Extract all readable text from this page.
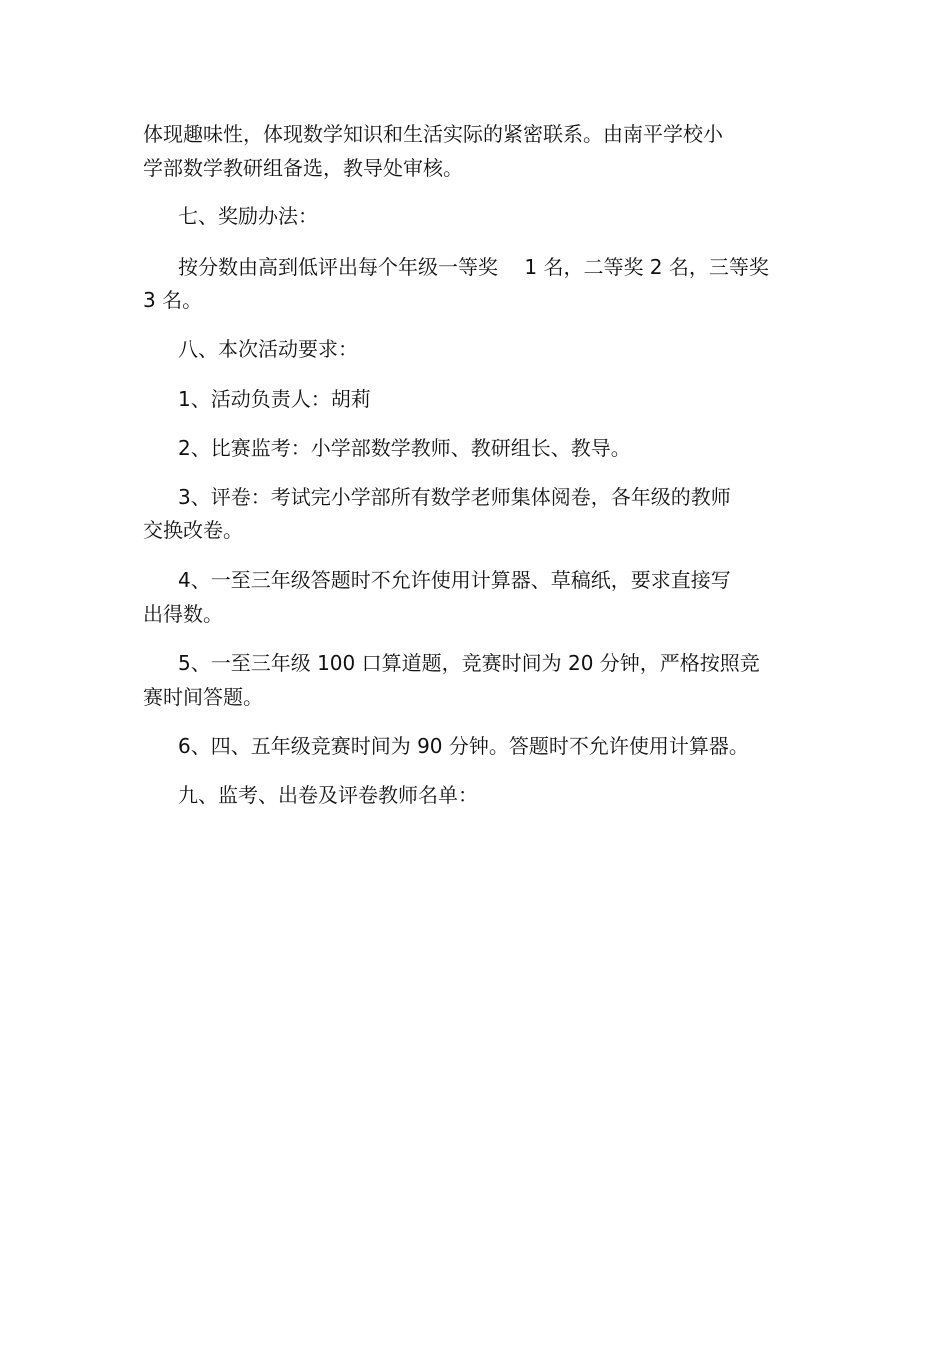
体现趣味性，体现数学知识和生活实际的紧密联系。由南平学校小
学部数学教研组备选，教导处审核。
七、奖励办法：
按分数由高到低评出每个年级一等奖　 1 名，二等奖 2 名，三等奖
3 名。
八、本次活动要求：
1、活动负责人：胡莉
2、比赛监考：小学部数学教师、教研组长、教导。
3、评卷：考试完小学部所有数学老师集体阅卷，各年级的教师
交换改卷。
4、一至三年级答题时不允许使用计算器、草稿纸，要求直接写
出得数。
5、一至三年级 100 口算道题，竞赛时间为 20 分钟，严格按照竞
赛时间答题。
6、四、五年级竞赛时间为 90 分钟。答题时不允许使用计算器。
九、监考、出卷及评卷教师名单：
